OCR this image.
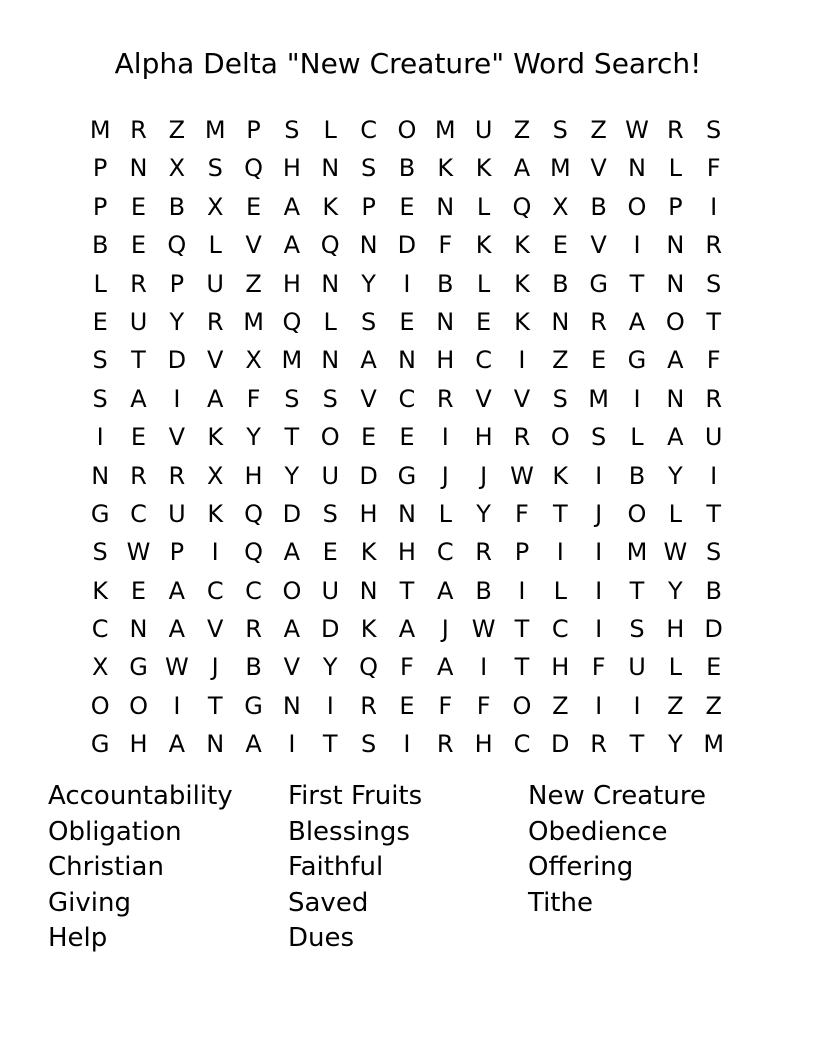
Alpha Delta "New Creature" Word Search!
M R Z M P S	L C O M U Z S Z W R S
P N X S Q H N S B K K A M V N L	F
P E B X E A K P E N L Q X B O P	I
B E Q L V A Q N D F K K E V	I	N R
L R P U Z H N Y	I	B L K B G T N S
E U Y R M Q L	S E N E K N R A O T
S T D V X M N A N H C	I	Z E G A F
S A	I	A F S S V C R V V S M	I	N R
I	E V K Y T O E E	I	H R O S	L A U
N R R X H Y U D G	J	J W K	I	B Y	I
G C U K Q D S H N L	Y	F	T	J	O L	T
S W P	I	Q A E K H C R P	I	I	M W S
K E A C C O U N T A B	I	L	I	T Y B
C N A V R A D K A	J W T C	I	S H D
X G W J	B V Y Q F A	I	T H F U L	E
O O	I	T G N	I	R E F	F O Z	I	I	Z Z
G H A N A	I	T S	I	R H C D R T Y M
Accountability
Obligation
Christian
Giving
Help
First Fruits
Blessings
Faithful
Saved
Dues
New Creature
Obedience
Offering
Tithe
